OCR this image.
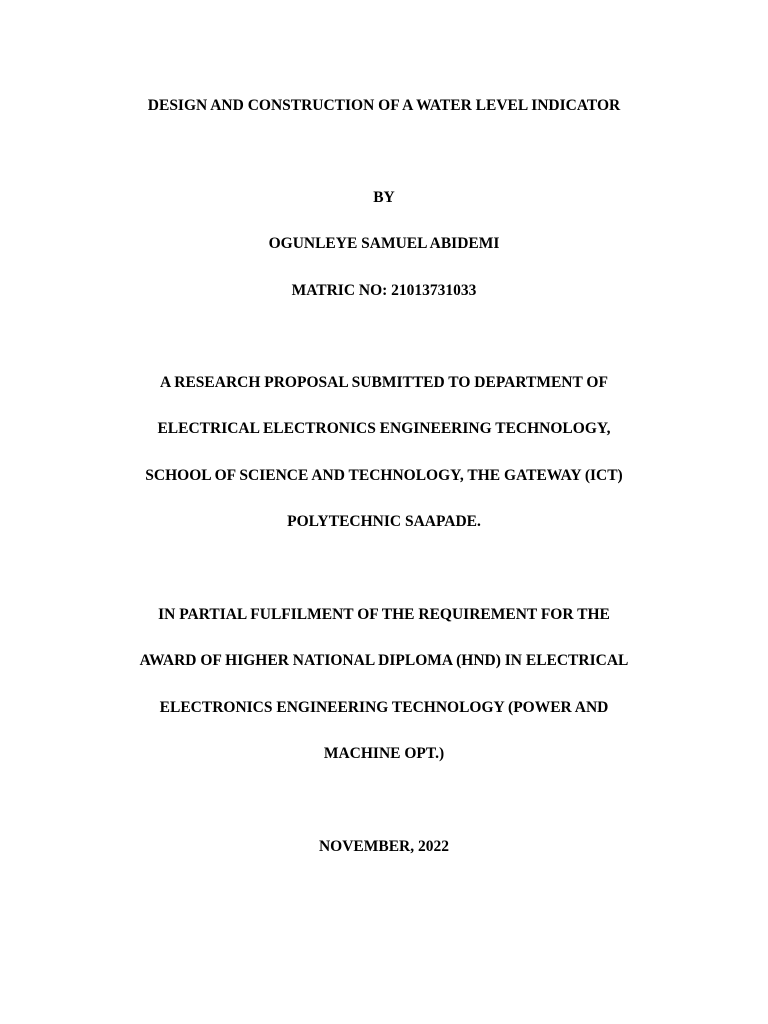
DESIGN AND CONSTRUCTION OF A WATER LEVEL INDICATOR
BY
OGUNLEYE SAMUEL ABIDEMI
MATRIC NO: 21013731033
A RESEARCH PROPOSAL SUBMITTED TO DEPARTMENT OF
ELECTRICAL ELECTRONICS ENGINEERING TECHNOLOGY,
SCHOOL OF SCIENCE AND TECHNOLOGY, THE GATEWAY (ICT)
POLYTECHNIC SAAPADE.
IN PARTIAL FULFILMENT OF THE REQUIREMENT FOR THE
AWARD OF HIGHER NATIONAL DIPLOMA (HND) IN ELECTRICAL
ELECTRONICS ENGINEERING TECHNOLOGY (POWER AND
MACHINE OPT.)
NOVEMBER, 2022
